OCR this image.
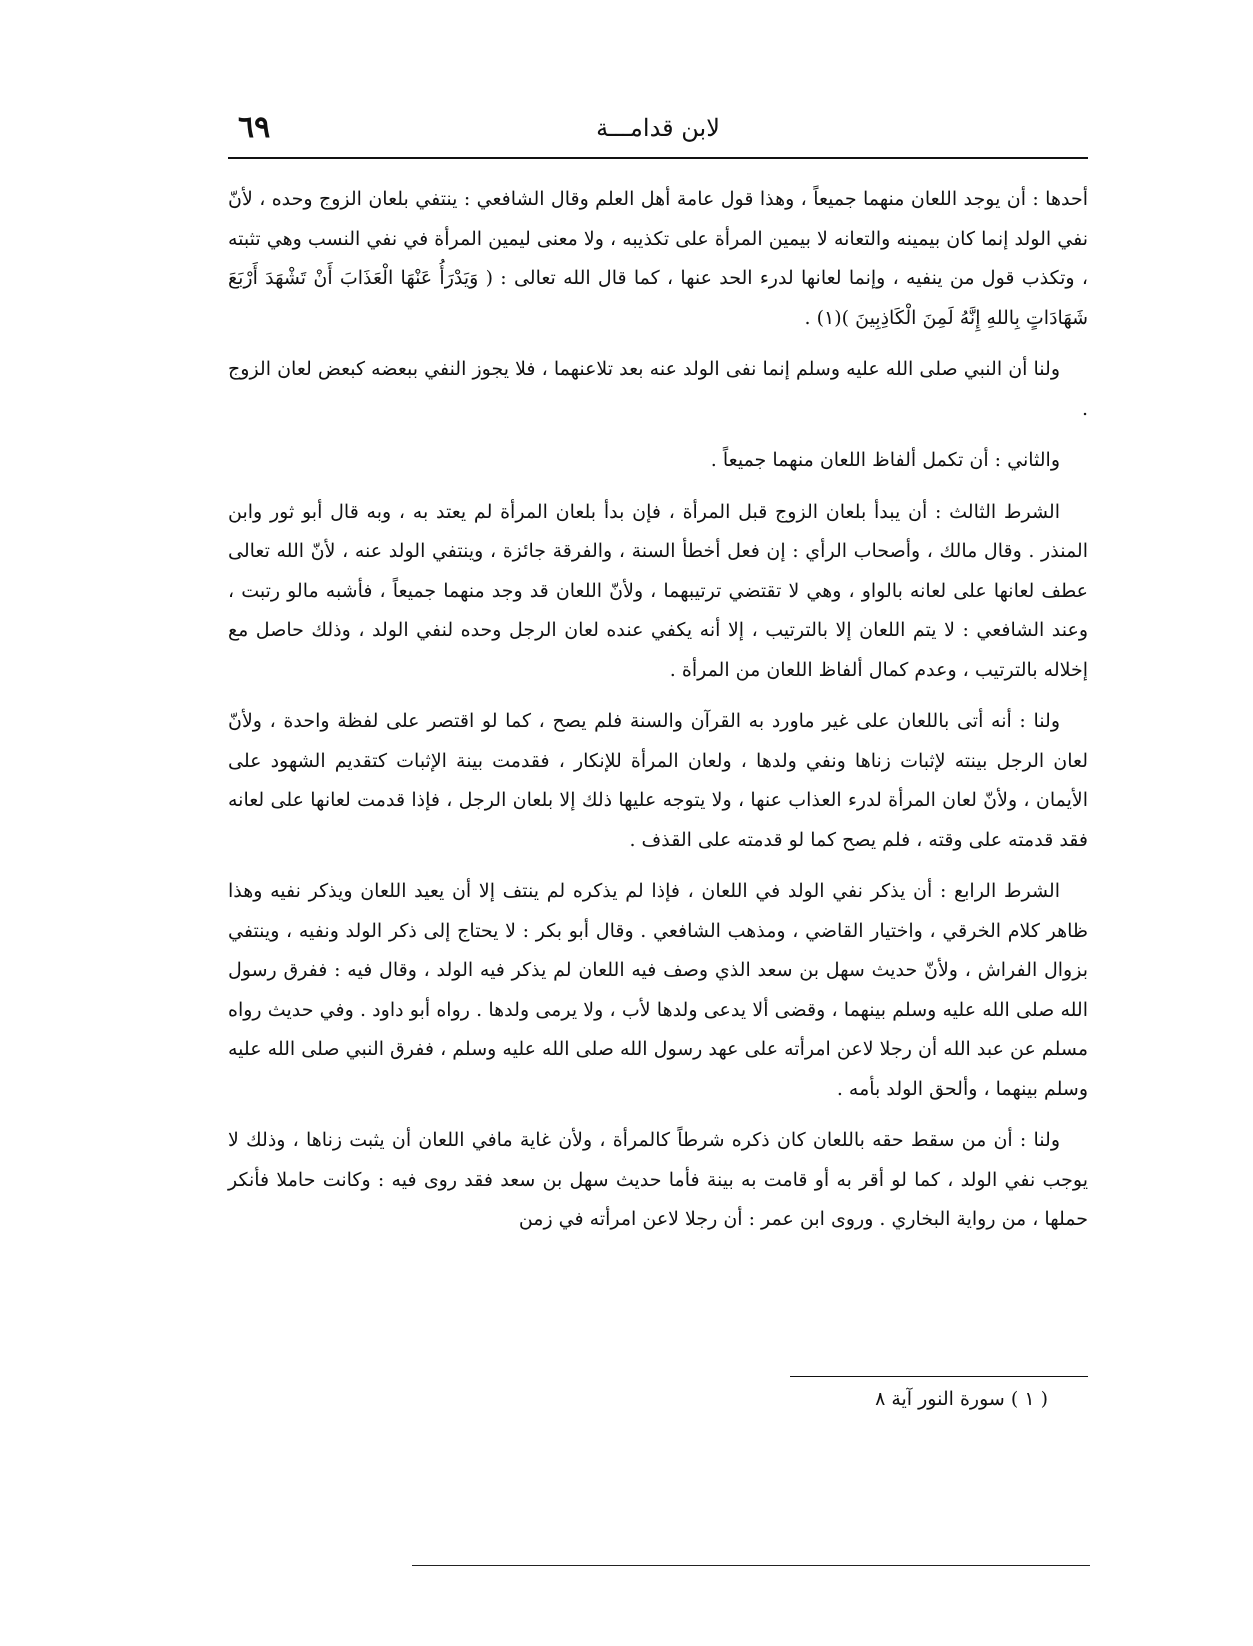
لابن قدامـــة
٦٩

أحدها : أن يوجد اللعان منهما جميعاً ، وهذا قول عامة أهل العلم وقال الشافعي : ينتفي بلعان الزوج وحده ، لأنّ نفي الولد إنما كان بيمينه والتعانه لا بيمين المرأة على تكذيبه ، ولا معنى ليمين المرأة في نفي النسب وهي تثبته ، وتكذب قول من ينفيه ، وإنما لعانها لدرء الحد عنها ، كما قال الله تعالى : ( وَيَدْرَأُ عَنْهَا الْعَذَابَ أَنْ تَشْهَدَ أَرْبَعَ شَهَادَاتٍ بِاللهِ إِنَّهُ لَمِنَ الْكَاذِبِينَ )(١) .

ولنا أن النبي صلى الله عليه وسلم إنما نفى الولد عنه بعد تلاعنهما ، فلا يجوز النفي ببعضه كبعض لعان الزوج .

والثاني : أن تكمل ألفاظ اللعان منهما جميعاً .

الشرط الثالث : أن يبدأ بلعان الزوج قبل المرأة ، فإن بدأ بلعان المرأة لم يعتد به ، وبه قال أبو ثور وابن المنذر . وقال مالك ، وأصحاب الرأي : إن فعل أخطأ السنة ، والفرقة جائزة ، وينتفي الولد عنه ، لأنّ الله تعالى عطف لعانها على لعانه بالواو ، وهي لا تقتضي ترتيبهما ، ولأنّ اللعان قد وجد منهما جميعاً ، فأشبه مالو رتبت ، وعند الشافعي : لا يتم اللعان إلا بالترتيب ، إلا أنه يكفي عنده لعان الرجل وحده لنفي الولد ، وذلك حاصل مع إخلاله بالترتيب ، وعدم كمال ألفاظ اللعان من المرأة .

ولنا : أنه أتى باللعان على غير ماورد به القرآن والسنة فلم يصح ، كما لو اقتصر على لفظة واحدة ، ولأنّ لعان الرجل بينته لإثبات زناها ونفي ولدها ، ولعان المرأة للإنكار ، فقدمت بينة الإثبات كتقديم الشهود على الأيمان ، ولأنّ لعان المرأة لدرء العذاب عنها ، ولا يتوجه عليها ذلك إلا بلعان الرجل ، فإذا قدمت لعانها على لعانه فقد قدمته على وقته ، فلم يصح كما لو قدمته على القذف .

الشرط الرابع : أن يذكر نفي الولد في اللعان ، فإذا لم يذكره لم ينتف إلا أن يعيد اللعان ويذكر نفيه وهذا ظاهر كلام الخرقي ، واختيار القاضي ، ومذهب الشافعي . وقال أبو بكر : لا يحتاج إلى ذكر الولد ونفيه ، وينتفي بزوال الفراش ، ولأنّ حديث سهل بن سعد الذي وصف فيه اللعان لم يذكر فيه الولد ، وقال فيه : ففرق رسول الله صلى الله عليه وسلم بينهما ، وقضى ألا يدعى ولدها لأب ، ولا يرمى ولدها . رواه أبو داود . وفي حديث رواه مسلم عن عبد الله أن رجلا لاعن امرأته على عهد رسول الله صلى الله عليه وسلم ، ففرق النبي صلى الله عليه وسلم بينهما ، وألحق الولد بأمه .

ولنا : أن من سقط حقه باللعان كان ذكره شرطاً كالمرأة ، ولأن غاية مافي اللعان أن يثبت زناها ، وذلك لا يوجب نفي الولد ، كما لو أقر به أو قامت به بينة فأما حديث سهل بن سعد فقد روى فيه : وكانت حاملا فأنكر حملها ، من رواية البخاري . وروى ابن عمر : أن رجلا لاعن امرأته في زمن

( ١ ) سورة النور آية ٨
